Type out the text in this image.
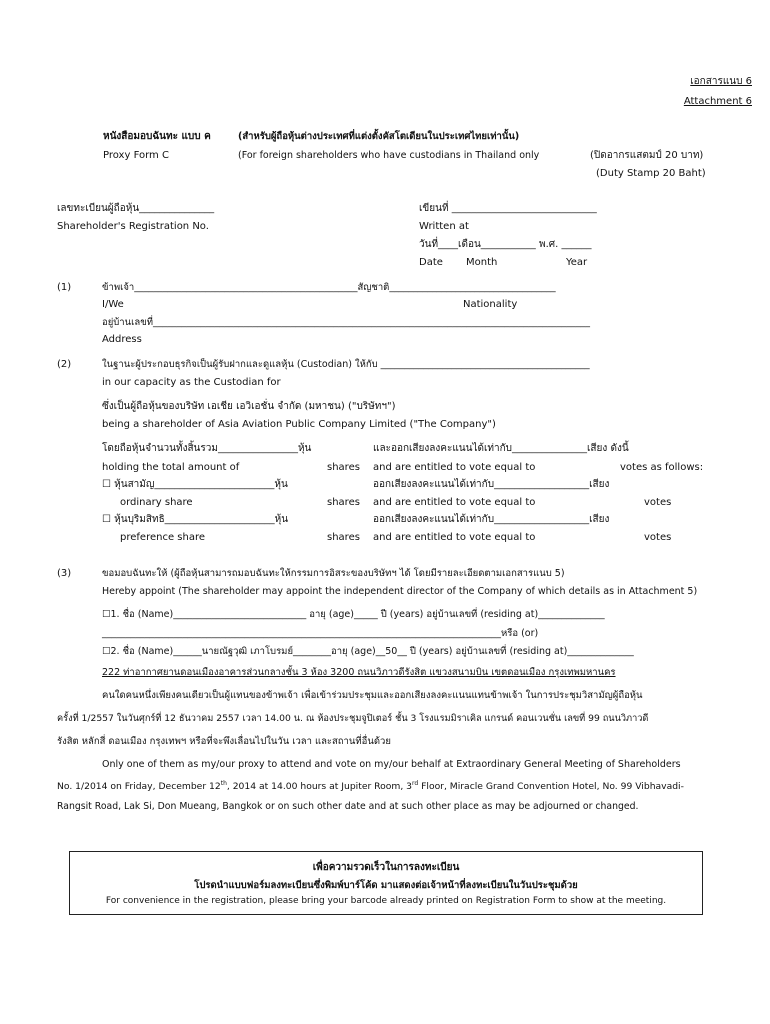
เอกสารแนบ 6
Attachment 6
หนังสือมอบฉันทะ แบบ ค	(สำหรับผู้ถือหุ้นต่างประเทศที่แต่งตั้งคัสโตเดียนในประเทศไทยเท่านั้น)
Proxy Form C	(For foreign shareholders who have custodians in Thailand only	(ปิดอากรแสตมป์ 20 บาท)
(Duty Stamp 20 Baht)
เลขทะเบียนผู้ถือหุ้น_______________
Shareholder's Registration No.
เขียนที่ _____________________________
Written at
วันที่____เดือน___________ พ.ศ. ______
Date Month	Year
(1)	ข้าพเจ้า_______________________________________________สัญชาติ___________________________________
I/We	Nationality
อยู่บ้านเลขที่____________________________________________________________________________________________
Address
(2)	ในฐานะผู้ประกอบธุรกิจเป็นผู้รับฝากและดูแลหุ้น (Custodian) ให้กับ ____________________________________________
in our capacity as the Custodian for
ซึ่งเป็นผู้ถือหุ้นของบริษัท เอเชีย เอวิเอชั่น จำกัด (มหาชน) ("บริษัทฯ")
being a shareholder of Asia Aviation Public Company Limited ("The Company")
โดยถือหุ้นจำนวนทั้งสิ้นรวม________________หุ้น	และออกเสียงลงคะแนนได้เท่ากับ_______________เสียง ดังนี้
holding the total amount of	shares and are entitled to vote equal to	votes as follows:
☐ หุ้นสามัญ________________________หุ้น	ออกเสียงลงคะแนนได้เท่ากับ___________________เสียง
ordinary share	shares and are entitled to vote equal to	votes
☐ หุ้นบุริมสิทธิ______________________หุ้น	ออกเสียงลงคะแนนได้เท่ากับ___________________เสียง
preference share	shares and are entitled to vote equal to	votes
(3)	ขอมอบฉันทะให้ (ผู้ถือหุ้นสามารถมอบฉันทะให้กรรมการอิสระของบริษัทฯ ได้ โดยมีรายละเอียดตามเอกสารแนบ 5)
Hereby appoint (The shareholder may appoint the independent director of the Company of which details as in Attachment 5)
☐1. ชื่อ (Name)____________________________ อายุ (age)_____ ปี (years) อยู่บ้านเลขที่ (residing at)______________
____________________________________________________________________________________หรือ (or)
☐2. ชื่อ (Name)______นายณัฐวุฒิ เภาโบรมย์________อายุ (age)__50__ ปี (years) อยู่บ้านเลขที่ (residing at)______________
222 ท่าอากาศยานดอนเมืองอาคารส่วนกลางชั้น 3 ห้อง 3200 ถนนวิภาวดีรังสิต แขวงสนามบิน เขตดอนเมือง กรุงเทพมหานคร
คนใดคนหนึ่งเพียงคนเดียวเป็นผู้แทนของข้าพเจ้า เพื่อเข้าร่วมประชุมและออกเสียงลงคะแนนแทนข้าพเจ้า ในการประชุมวิสามัญผู้ถือหุ้น
ครั้งที่ 1/2557 ในวันศุกร์ที่ 12 ธันวาคม 2557 เวลา 14.00 น. ณ ห้องประชุมจูปิเตอร์ ชั้น 3 โรงแรมมิราเคิล แกรนด์ คอนเวนชั่น เลขที่ 99 ถนนวิภาวดี
รังสิต หลักสี่ ดอนเมือง กรุงเทพฯ หรือที่จะพึงเลื่อนไปในวัน เวลา และสถานที่อื่นด้วย
Only one of them as my/our proxy to attend and vote on my/our behalf at Extraordinary General Meeting of Shareholders
No. 1/2014 on Friday, December 12th, 2014 at 14.00 hours at Jupiter Room, 3rd Floor, Miracle Grand Convention Hotel, No. 99 Vibhavadi-
Rangsit Road, Lak Si, Don Mueang, Bangkok or on such other date and at such other place as may be adjourned or changed.
เพื่อความรวดเร็วในการลงทะเบียน
โปรดนำแบบฟอร์มลงทะเบียนซึ่งพิมพ์บาร์โค้ด มาแสดงต่อเจ้าหน้าที่ลงทะเบียนในวันประชุมด้วย
For convenience in the registration, please bring your barcode already printed on Registration Form to show at the meeting.
